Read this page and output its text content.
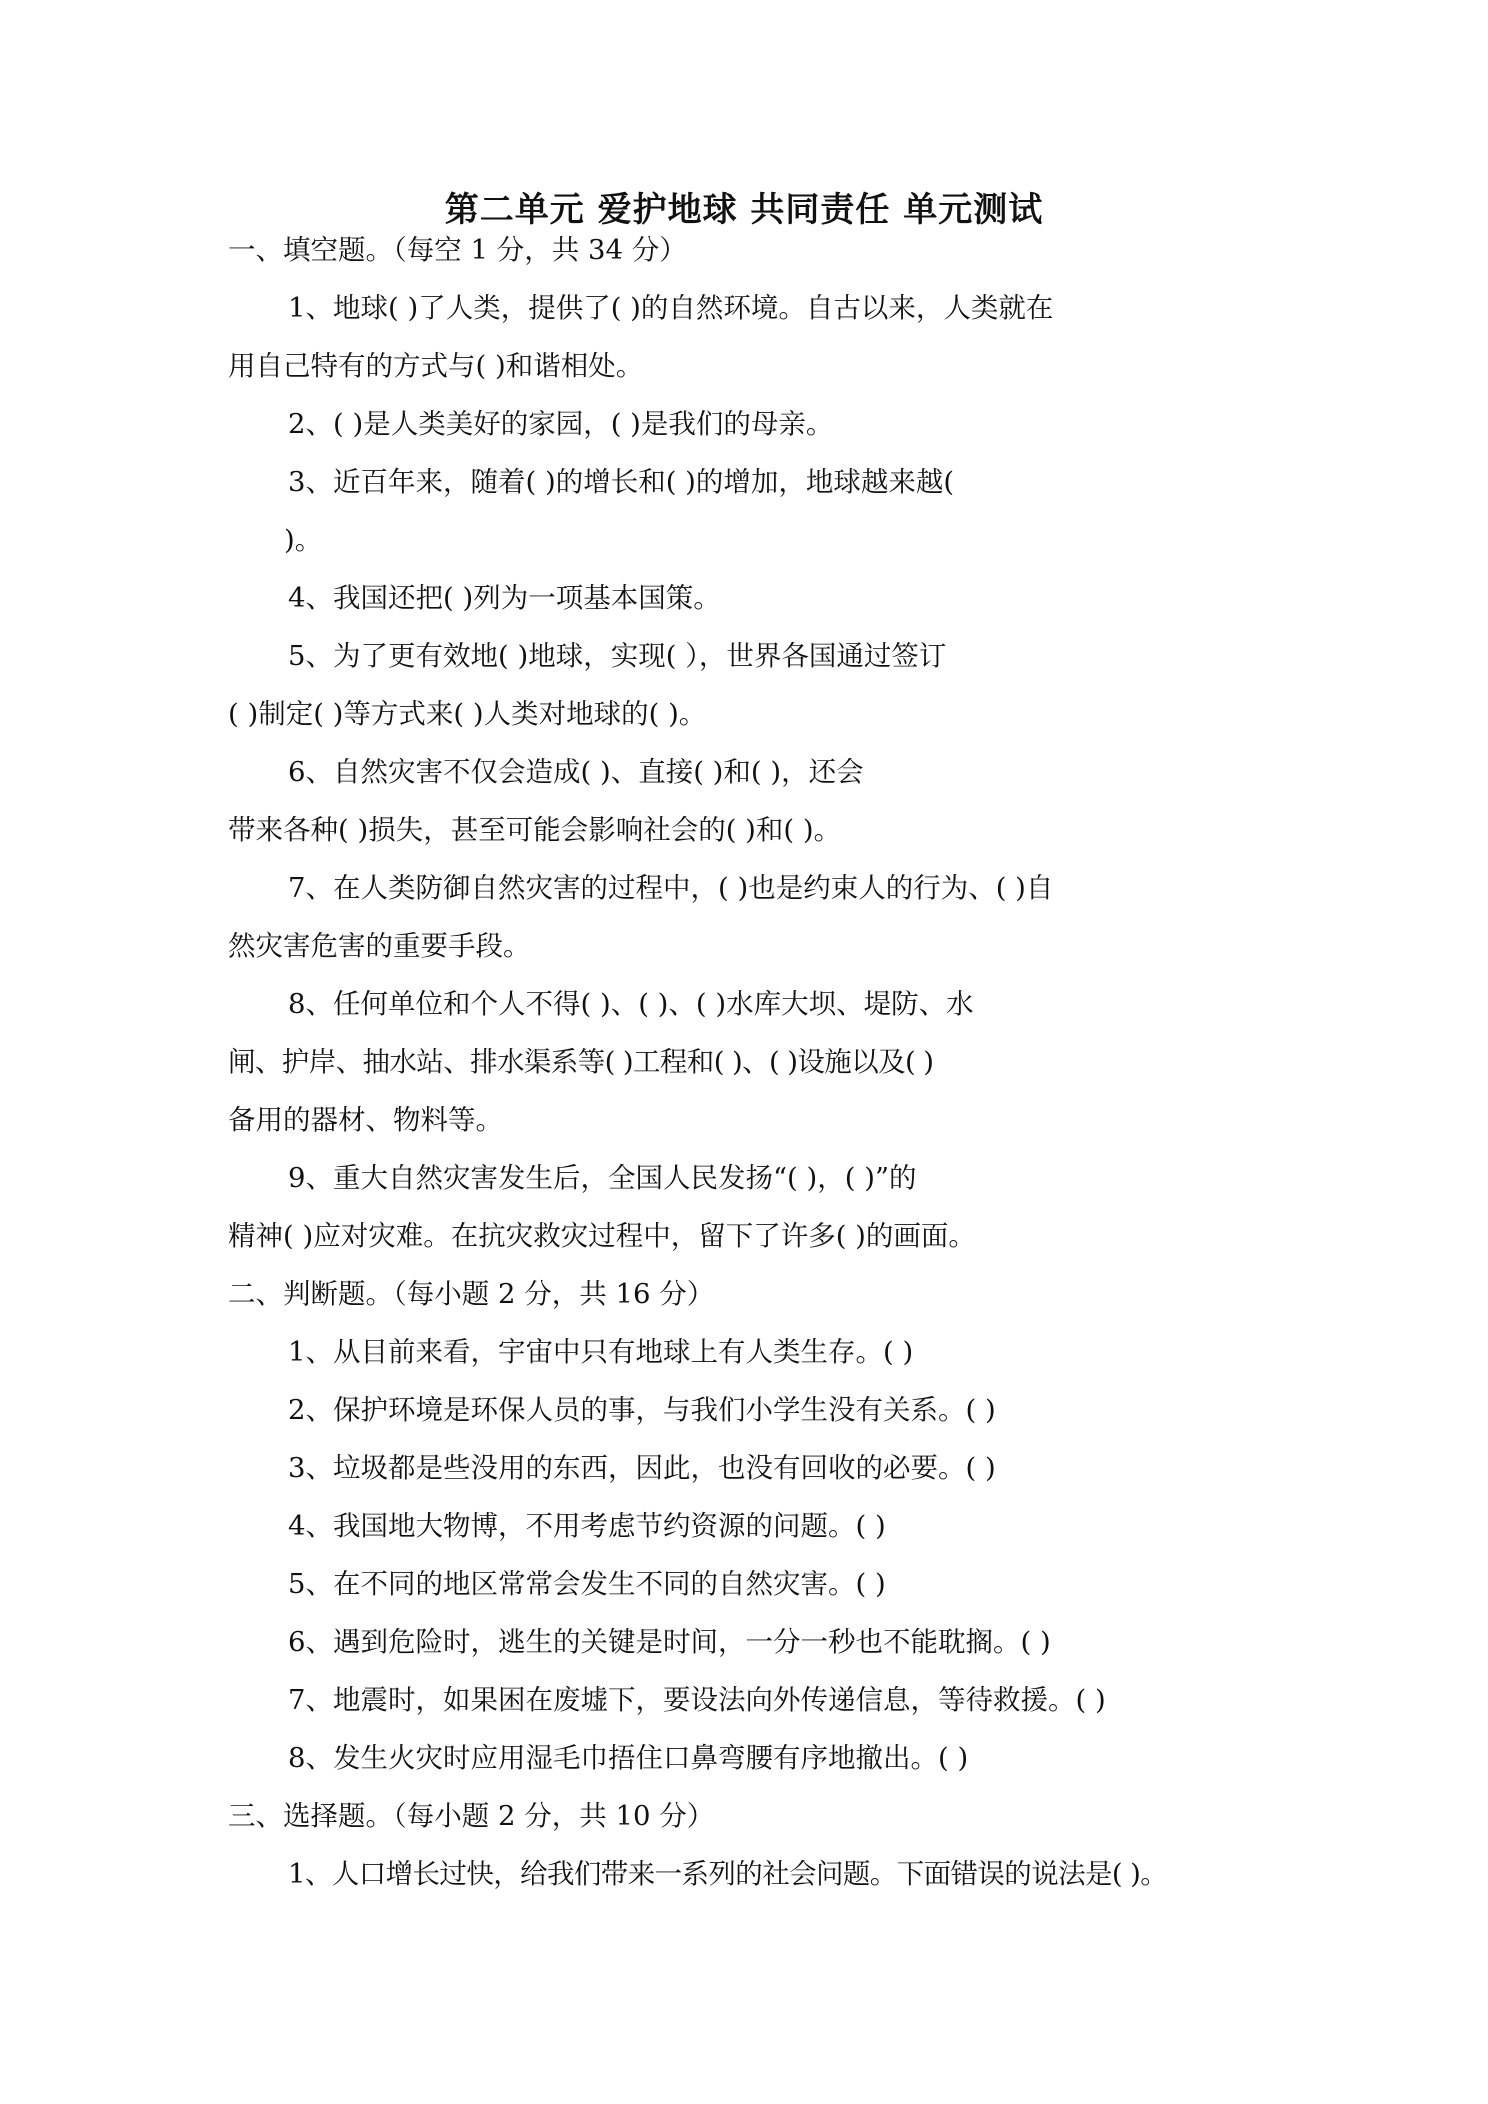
第二单元 爱护地球 共同责任 单元测试
一、填空题。（每空 1 分，共 34 分）
1、地球( )了人类，提供了( )的自然环境。自古以来，人类就在
用自己特有的方式与( )和谐相处。
2、( )是人类美好的家园，( )是我们的母亲。
3、近百年来，随着( )的增长和( )的增加，地球越来越(
)。
4、我国还把( )列为一项基本国策。
5、为了更有效地( )地球，实现( ），世界各国通过签订
( )制定( )等方式来( )人类对地球的( )。
6、自然灾害不仅会造成( )、直接( )和( )，还会
带来各种( )损失，甚至可能会影响社会的( )和( )。
7、在人类防御自然灾害的过程中，( )也是约束人的行为、( )自
然灾害危害的重要手段。
8、任何单位和个人不得( )、( )、( )水库大坝、堤防、水
闸、护岸、抽水站、排水渠系等( )工程和( )、( )设施以及( )
备用的器材、物料等。
9、重大自然灾害发生后，全国人民发扬“( )，( )”的
精神( )应对灾难。在抗灾救灾过程中，留下了许多( )的画面。
二、判断题。（每小题 2 分，共 16 分）
1、从目前来看，宇宙中只有地球上有人类生存。( )
2、保护环境是环保人员的事，与我们小学生没有关系。( )
3、垃圾都是些没用的东西，因此，也没有回收的必要。( )
4、我国地大物博，不用考虑节约资源的问题。( )
5、在不同的地区常常会发生不同的自然灾害。( )
6、遇到危险时，逃生的关键是时间，一分一秒也不能耽搁。( )
7、地震时，如果困在废墟下，要设法向外传递信息，等待救援。( )
8、发生火灾时应用湿毛巾捂住口鼻弯腰有序地撤出。( )
三、选择题。（每小题 2 分，共 10 分）
1、人口增长过快，给我们带来一系列的社会问题。下面错误的说法是( )。
